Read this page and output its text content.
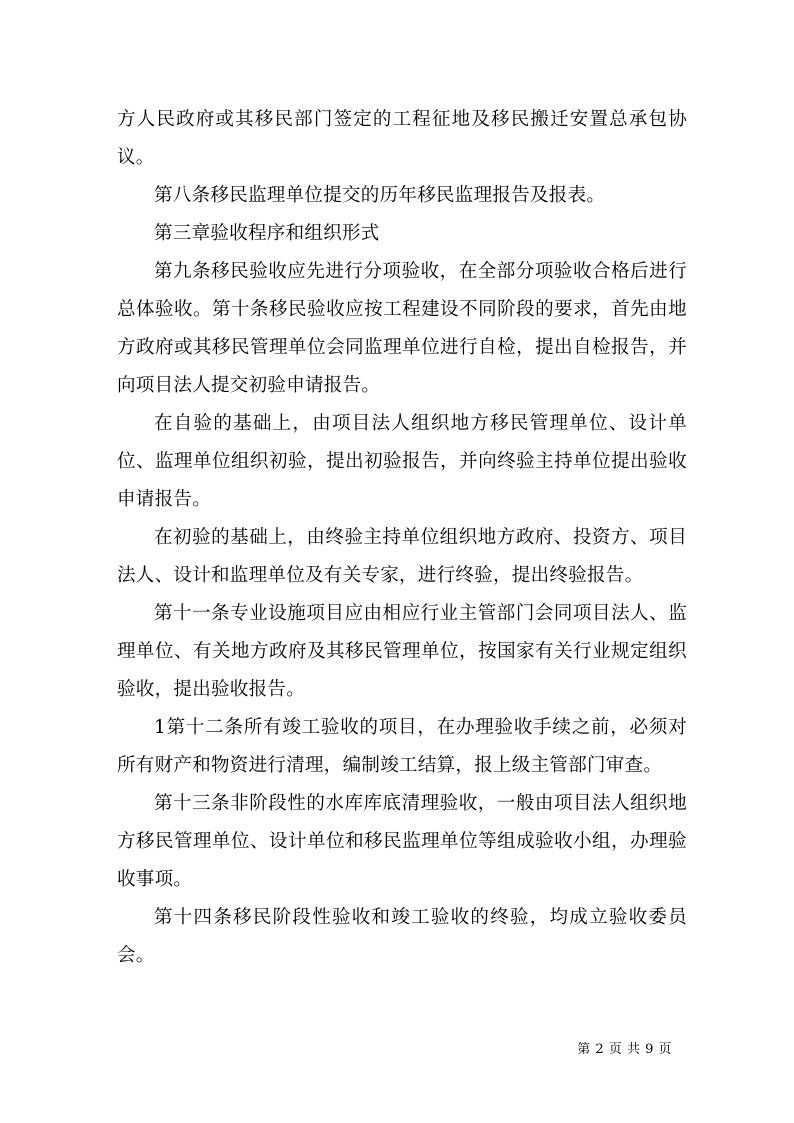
方人民政府或其移民部门签定的工程征地及移民搬迁安置总承包协议。

第八条移民监理单位提交的历年移民监理报告及报表。

第三章验收程序和组织形式

第九条移民验收应先进行分项验收，在全部分项验收合格后进行总体验收。第十条移民验收应按工程建设不同阶段的要求，首先由地方政府或其移民管理单位会同监理单位进行自检，提出自检报告，并向项目法人提交初验申请报告。

在自验的基础上，由项目法人组织地方移民管理单位、设计单位、监理单位组织初验，提出初验报告，并向终验主持单位提出验收申请报告。

在初验的基础上，由终验主持单位组织地方政府、投资方、项目法人、设计和监理单位及有关专家，进行终验，提出终验报告。

第十一条专业设施项目应由相应行业主管部门会同项目法人、监理单位、有关地方政府及其移民管理单位，按国家有关行业规定组织验收，提出验收报告。

1第十二条所有竣工验收的项目，在办理验收手续之前，必须对所有财产和物资进行清理，编制竣工结算，报上级主管部门审查。

第十三条非阶段性的水库库底清理验收，一般由项目法人组织地方移民管理单位、设计单位和移民监理单位等组成验收小组，办理验收事项。

第十四条移民阶段性验收和竣工验收的终验，均成立验收委员会。

第 2 页 共 9 页
